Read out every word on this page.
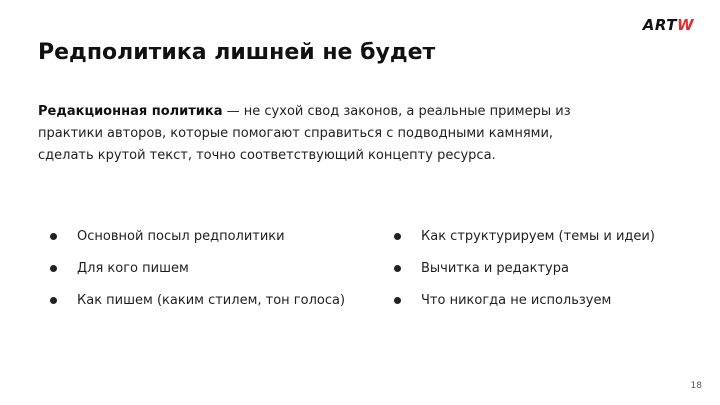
ARTW
Редполитика лишней не будет

Редакционная политика — не сухой свод законов, а реальные примеры из практики авторов, которые помогают справиться с подводными камнями, сделать крутой текст, точно соответствующий концепту ресурса.

Основной посыл редполитики
Для кого пишем
Как пишем (каким стилем, тон голоса)
Как структурируем (темы и идеи)
Вычитка и редактура
Что никогда не используем
18
